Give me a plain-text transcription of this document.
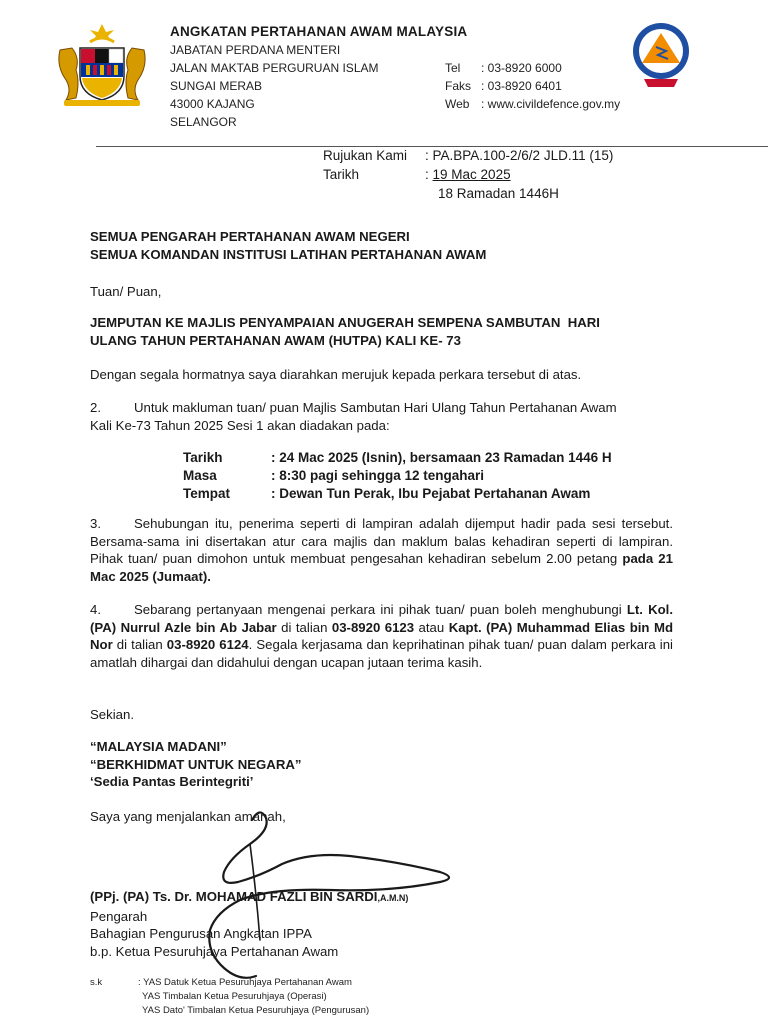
ANGKATAN PERTAHANAN AWAM MALAYSIA
JABATAN PERDANA MENTERI
JALAN MAKTAB PERGURUAN ISLAM
SUNGAI MERAB
43000 KAJANG
SELANGOR
Tel : 03-8920 6000
Faks : 03-8920 6401
Web : www.civildefence.gov.my
Rujukan Kami : PA.BPA.100-2/6/2 JLD.11 (15)
Tarikh	: 19 Mac 2025
18 Ramadan 1446H
SEMUA PENGARAH PERTAHANAN AWAM NEGERI
SEMUA KOMANDAN INSTITUSI LATIHAN PERTAHANAN AWAM
Tuan/ Puan,
JEMPUTAN KE MAJLIS PENYAMPAIAN ANUGERAH SEMPENA SAMBUTAN  HARI
ULANG TAHUN PERTAHANAN AWAM (HUTPA) KALI KE- 73
Dengan segala hormatnya saya diarahkan merujuk kepada perkara tersebut di atas.
2.	Untuk makluman tuan/ puan Majlis Sambutan Hari Ulang Tahun Pertahanan Awam
Kali Ke-73 Tahun 2025 Sesi 1 akan diadakan pada:
Tarikh	: 24 Mac 2025 (Isnin), bersamaan 23 Ramadan 1446 H
Masa	: 8:30 pagi sehingga 12 tengahari
Tempat	: Dewan Tun Perak, Ibu Pejabat Pertahanan Awam
3.	Sehubungan itu, penerima seperti di lampiran adalah dijemput hadir pada sesi tersebut. Bersama-sama ini disertakan atur cara majlis dan maklum balas kehadiran seperti di lampiran. Pihak tuan/ puan dimohon untuk membuat pengesahan kehadiran sebelum 2.00 petang pada 21 Mac 2025 (Jumaat).
4.	Sebarang pertanyaan mengenai perkara ini pihak tuan/ puan boleh menghubungi Lt. Kol. (PA) Nurrul Azle bin Ab Jabar di talian 03-8920 6123 atau Kapt. (PA) Muhammad Elias bin Md Nor di talian 03-8920 6124. Segala kerjasama dan keprihatinan pihak tuan/ puan dalam perkara ini amatlah dihargai dan didahului dengan ucapan jutaan terima kasih.
Sekian.
“MALAYSIA MADANI”
“BERKHIDMAT UNTUK NEGARA”
‘Sedia Pantas Berintegriti’
Saya yang menjalankan amanah,
(PPj. (PA) Ts. Dr. MOHAMAD FAZLI BIN SARDI,A.M.N)
Pengarah
Bahagian Pengurusan Angkatan IPPA
b.p. Ketua Pesuruhjaya Pertahanan Awam
s.k	: YAS Datuk Ketua Pesuruhjaya Pertahanan Awam
YAS Timbalan Ketua Pesuruhjaya (Operasi)
YAS Dato' Timbalan Ketua Pesuruhjaya (Pengurusan)
